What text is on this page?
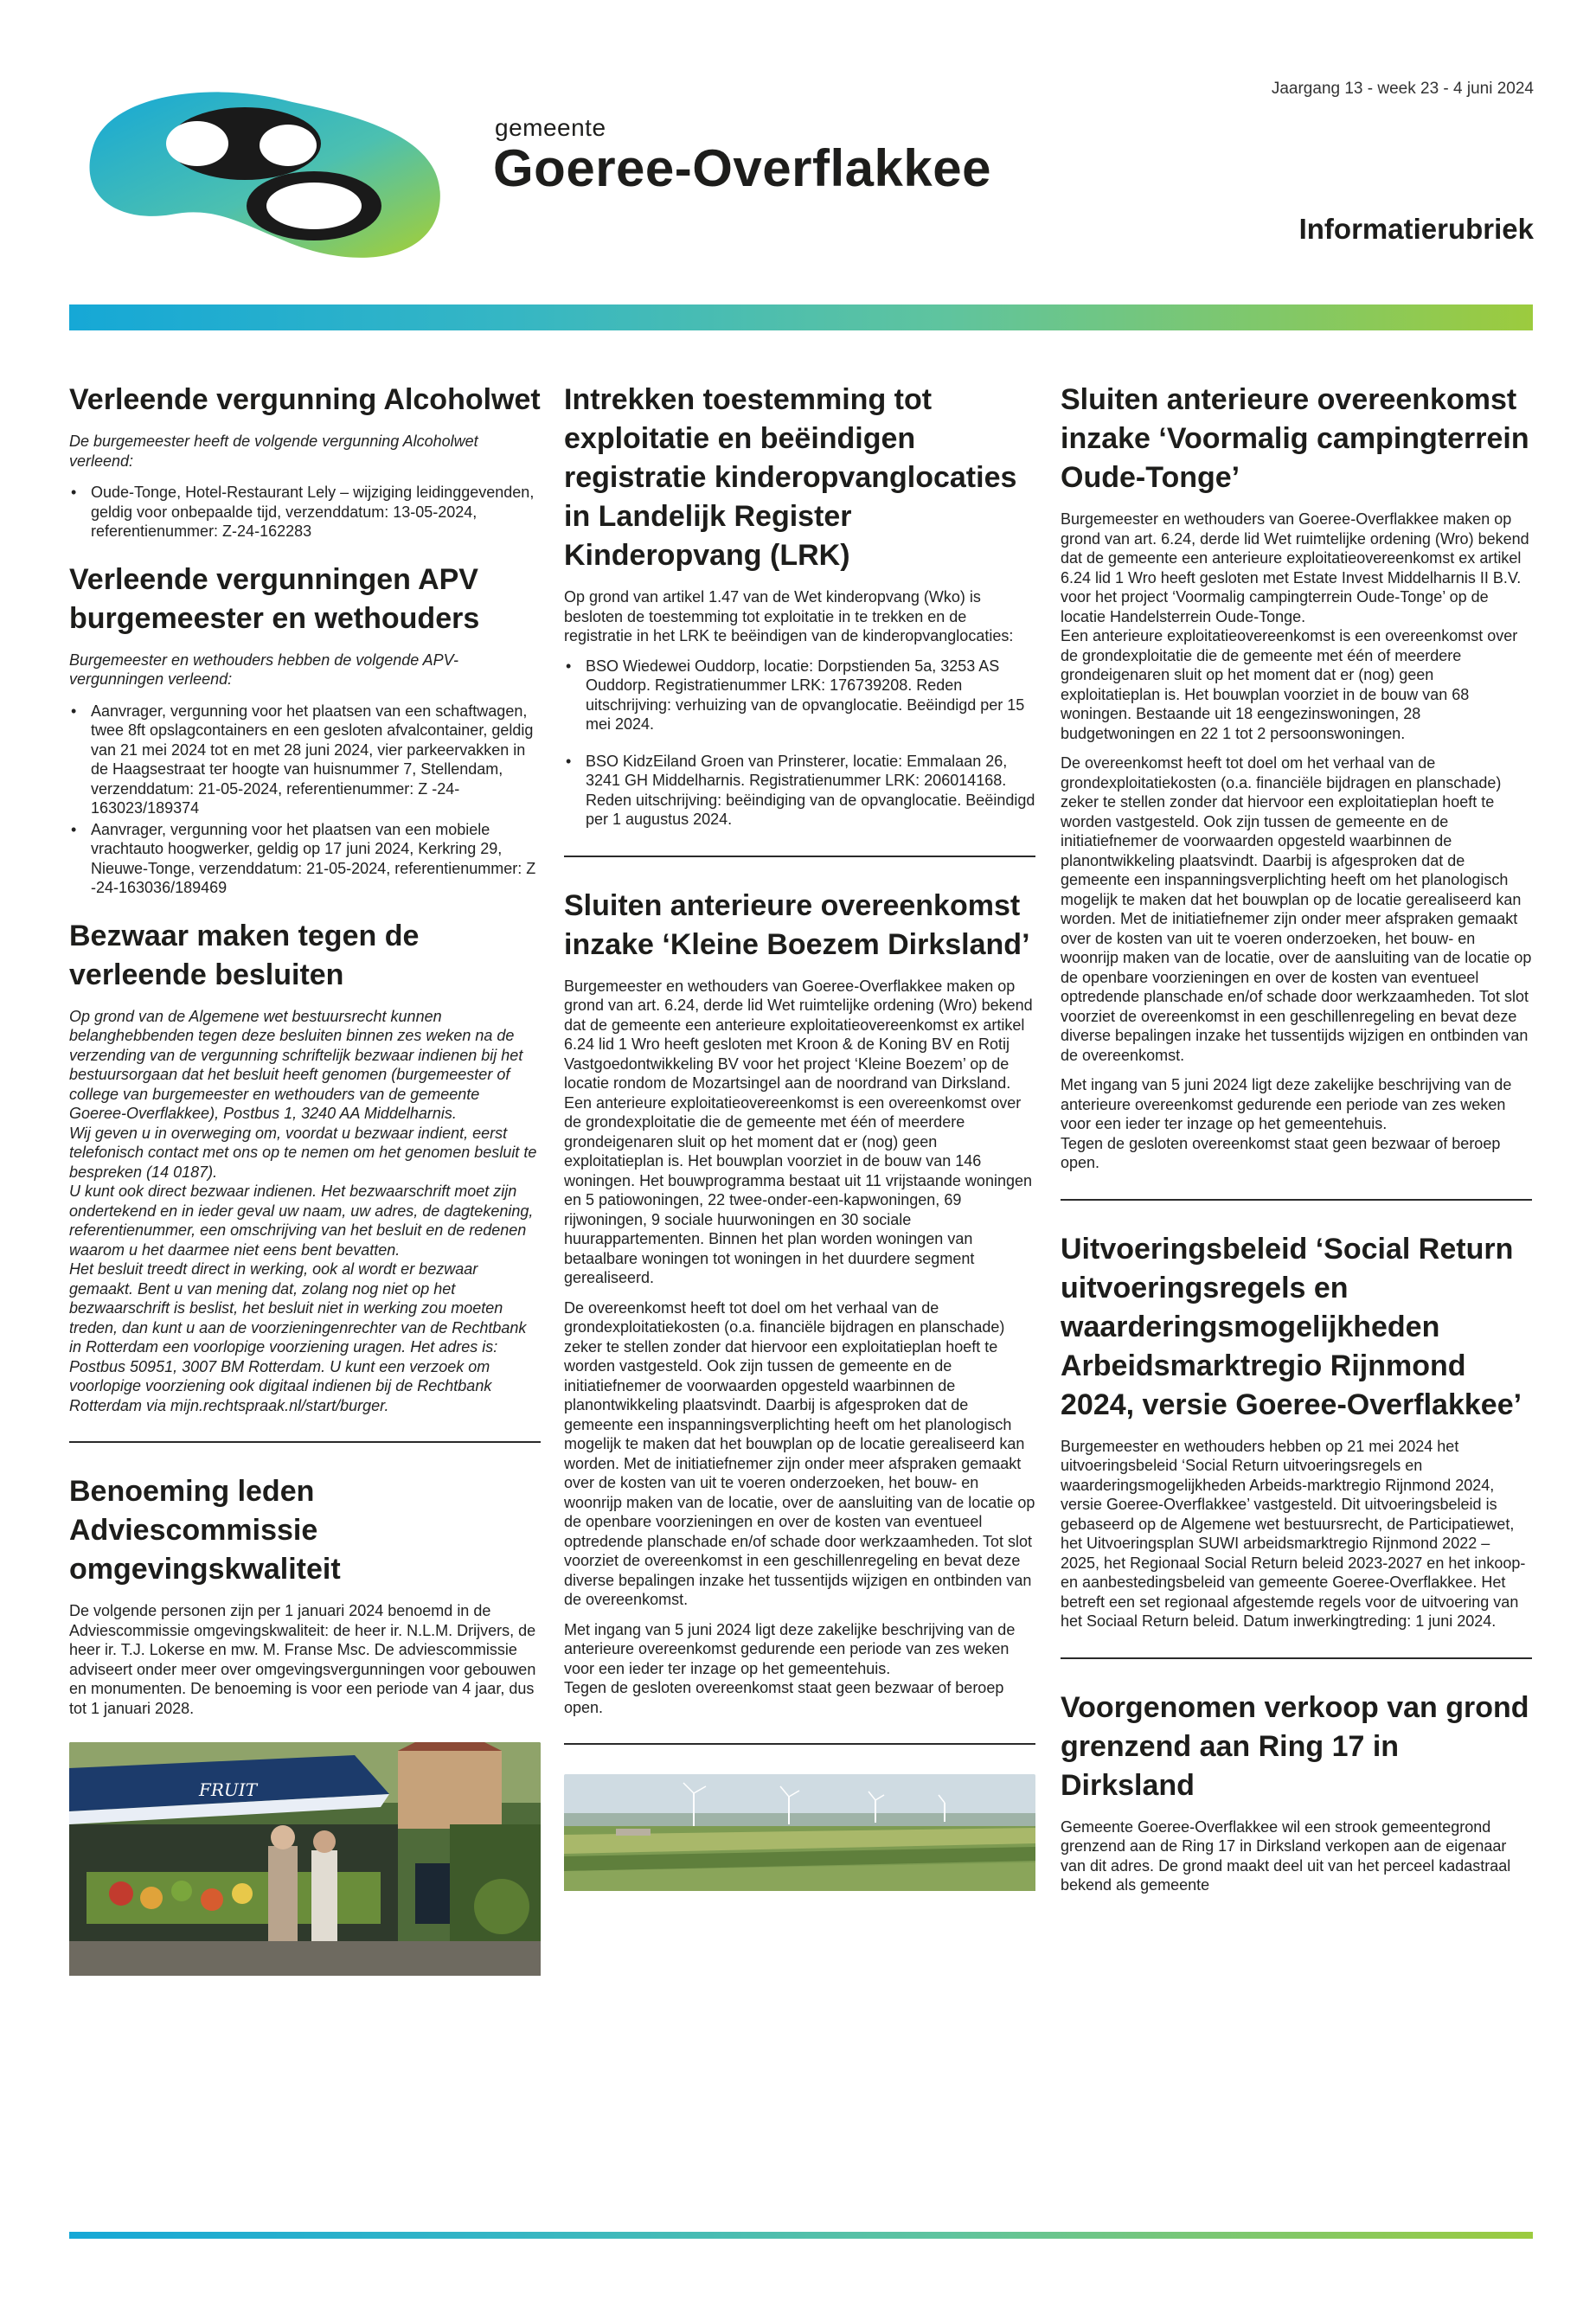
gemeente
Goeree-Overflakkee
Jaargang 13 - week 23 - 4 juni 2024
Informatierubriek
Verleende vergunning Alcoholwet

De burgemeester heeft de volgende vergunning Alcoholwet verleend:

• Oude-Tonge, Hotel-Restaurant Lely – wijziging leidinggevenden, geldig voor onbepaalde tijd, verzenddatum: 13-05-2024, referentienummer: Z-24-162283
Verleende vergunningen APV burgemeester en wethouders

Burgemeester en wethouders hebben de volgende APV-vergunningen verleend:

• Aanvrager, vergunning voor het plaatsen van een schaftwagen, twee 8ft opslagcontainers en een gesloten afvalcontainer, geldig van 21 mei 2024 tot en met 28 juni 2024, vier parkeervakken in de Haagsestraat ter hoogte van huisnummer 7, Stellendam, verzenddatum: 21-05-2024, referentienummer: Z -24-163023/189374
• Aanvrager, vergunning voor het plaatsen van een mobiele vrachtauto hoogwerker, geldig op 17 juni 2024, Kerkring 29, Nieuwe-Tonge, verzenddatum: 21-05-2024, referentienummer: Z -24-163036/189469
Bezwaar maken tegen de verleende besluiten

Op grond van de Algemene wet bestuursrecht kunnen belanghebbenden tegen deze besluiten binnen zes weken na de verzending van de vergunning schriftelijk bezwaar indienen bij het bestuursorgaan dat het besluit heeft genomen (burgemeester of college van burgemeester en wethouders van de gemeente Goeree-Overflakkee), Postbus 1, 3240 AA Middelharnis.

Wij geven u in overweging om, voordat u bezwaar indient, eerst telefonisch contact met ons op te nemen om het genomen besluit te bespreken (14 0187).

U kunt ook direct bezwaar indienen. Het bezwaarschrift moet zijn ondertekend en in ieder geval uw naam, uw adres, de dagtekening, referentienummer, een omschrijving van het besluit en de redenen waarom u het daarmee niet eens bent bevatten.

Het besluit treedt direct in werking, ook al wordt er bezwaar gemaakt. Bent u van mening dat, zolang nog niet op het bezwaarschrift is beslist, het besluit niet in werking zou moeten treden, dan kunt u aan de voorzieningenrechter van de Rechtbank in Rotterdam een voorlopige voorziening uragen. Het adres is: Postbus 50951, 3007 BM Rotterdam. U kunt een verzoek om voorlopige voorziening ook digitaal indienen bij de Rechtbank Rotterdam via mijn.rechtspraak.nl/start/burger.

Benoeming leden Adviescommissie omgevingskwaliteit

De volgende personen zijn per 1 januari 2024 benoemd in de Adviescommissie omgevingskwaliteit: de heer ir. N.L.M. Drijvers, de heer ir. T.J. Lokerse en mw. M. Franse Msc. De adviescommissie adviseert onder meer over omgevingsvergunningen voor gebouwen en monumenten. De benoeming is voor een periode van 4 jaar, dus tot 1 januari 2028.

FRUIT
Intrekken toestemming tot exploitatie en beëindigen registratie kinderopvanglocaties in Landelijk Register Kinderopvang (LRK)

Op grond van artikel 1.47 van de Wet kinderopvang (Wko) is besloten de toestemming tot exploitatie in te trekken en de registratie in het LRK te beëindigen van de kinderopvanglocaties:

• BSO Wiedewei Ouddorp, locatie: Dorpstienden 5a, 3253 AS Ouddorp. Registratienummer LRK: 176739208. Reden uitschrijving: verhuizing van de opvanglocatie. Beëindigd per 15 mei 2024.
• BSO KidzEiland Groen van Prinsterer, locatie: Emmalaan 26, 3241 GH Middelharnis. Registratienummer LRK: 206014168. Reden uitschrijving: beëindiging van de opvanglocatie. Beëindigd per 1 augustus 2024.
Sluiten anterieure overeenkomst inzake ‘Kleine Boezem Dirksland’

Burgemeester en wethouders van Goeree-Overflakkee maken op grond van art. 6.24, derde lid Wet ruimtelijke ordening (Wro) bekend dat de gemeente een anterieure exploitatieovereenkomst ex artikel 6.24 lid 1 Wro heeft gesloten met Kroon & de Koning BV en Rotij Vastgoedontwikkeling BV voor het project ‘Kleine Boezem’ op de locatie rondom de Mozartsingel aan de noordrand van Dirksland.

Een anterieure exploitatieovereenkomst is een overeenkomst over de grondexploitatie die de gemeente met één of meerdere grondeigenaren sluit op het moment dat er (nog) geen exploitatieplan is. Het bouwplan voorziet in de bouw van 146 woningen. Het bouwprogramma bestaat uit 11 vrijstaande woningen en 5 patiowoningen, 22 twee-onder-een-kapwoningen, 69 rijwoningen, 9 sociale huurwoningen en 30 sociale huurappartementen. Binnen het plan worden woningen van betaalbare woningen tot woningen in het duurdere segment gerealiseerd.

De overeenkomst heeft tot doel om het verhaal van de grondexploitatiekosten (o.a. financiële bijdragen en planschade) zeker te stellen zonder dat hiervoor een exploitatieplan hoeft te worden vastgesteld. Ook zijn tussen de gemeente en de initiatiefnemer de voorwaarden opgesteld waarbinnen de planontwikkeling plaatsvindt. Daarbij is afgesproken dat de gemeente een inspanningsverplichting heeft om het planologisch mogelijk te maken dat het bouwplan op de locatie gerealiseerd kan worden. Met de initiatiefnemer zijn onder meer afspraken gemaakt over de kosten van uit te voeren onderzoeken, het bouw- en woonrijp maken van de locatie, over de aansluiting van de locatie op de openbare voorzieningen en over de kosten van eventueel optredende planschade en/of schade door werkzaamheden. Tot slot voorziet de overeenkomst in een geschillenregeling en bevat deze diverse bepalingen inzake het tussentijds wijzigen en ontbinden van de overeenkomst.

Met ingang van 5 juni 2024 ligt deze zakelijke beschrijving van de anterieure overeenkomst gedurende een periode van zes weken voor een ieder ter inzage op het gemeentehuis.

Tegen de gesloten overeenkomst staat geen bezwaar of beroep open.

Sluiten anterieure overeenkomst inzake ‘Voormalig campingterrein Oude-Tonge’

Burgemeester en wethouders van Goeree-Overflakkee maken op grond van art. 6.24, derde lid Wet ruimtelijke ordening (Wro) bekend dat de gemeente een anterieure exploitatieovereenkomst ex artikel 6.24 lid 1 Wro heeft gesloten met Estate Invest Middelharnis II B.V. voor het project ‘Voormalig campingterrein Oude-Tonge’ op de locatie Handelsterrein Oude-Tonge.

Een anterieure exploitatieovereenkomst is een overeenkomst over de grondexploitatie die de gemeente met één of meerdere grondeigenaren sluit op het moment dat er (nog) geen exploitatieplan is. Het bouwplan voorziet in de bouw van 68 woningen. Bestaande uit 18 eengezinswoningen, 28 budgetwoningen en 22 1 tot 2 persoonswoningen.

De overeenkomst heeft tot doel om het verhaal van de grondexploitatiekosten (o.a. financiële bijdragen en planschade) zeker te stellen zonder dat hiervoor een exploitatieplan hoeft te worden vastgesteld. Ook zijn tussen de gemeente en de initiatiefnemer de voorwaarden opgesteld waarbinnen de planontwikkeling plaatsvindt. Daarbij is afgesproken dat de gemeente een inspanningsverplichting heeft om het planologisch mogelijk te maken dat het bouwplan op de locatie gerealiseerd kan worden. Met de initiatiefnemer zijn onder meer afspraken gemaakt over de kosten van uit te voeren onderzoeken, het bouw- en woonrijp maken van de locatie, over de aansluiting van de locatie op de openbare voorzieningen en over de kosten van eventueel optredende planschade en/of schade door werkzaamheden. Tot slot voorziet de overeenkomst in een geschillenregeling en bevat deze diverse bepalingen inzake het tussentijds wijzigen en ontbinden van de overeenkomst.

Met ingang van 5 juni 2024 ligt deze zakelijke beschrijving van de anterieure overeenkomst gedurende een periode van zes weken voor een ieder ter inzage op het gemeentehuis.

Tegen de gesloten overeenkomst staat geen bezwaar of beroep open.

Uitvoeringsbeleid ‘Social Return uitvoeringsregels en waarderingsmogelijkheden Arbeidsmarktregio Rijnmond 2024, versie Goeree-Overflakkee’

Burgemeester en wethouders hebben op 21 mei 2024 het uitvoeringsbeleid ‘Social Return uitvoeringsregels en waarderingsmogelijkheden Arbeids-marktregio Rijnmond 2024, versie Goeree-Overflakkee’ vastgesteld. Dit uitvoeringsbeleid is gebaseerd op de Algemene wet bestuursrecht, de Participatiewet, het Uitvoeringsplan SUWI arbeidsmarktregio Rijnmond 2022 – 2025, het Regionaal Social Return beleid 2023-2027 en het inkoop- en aanbestedingsbeleid van gemeente Goeree-Overflakkee. Het betreft een set regionaal afgestemde regels voor de uitvoering van het Sociaal Return beleid. Datum inwerkingtreding: 1 juni 2024.

Voorgenomen verkoop van grond grenzend aan Ring 17 in Dirksland

Gemeente Goeree-Overflakkee wil een strook gemeentegrond grenzend aan de Ring 17 in Dirksland verkopen aan de eigenaar van dit adres. De grond maakt deel uit van het perceel kadastraal bekend als gemeente
